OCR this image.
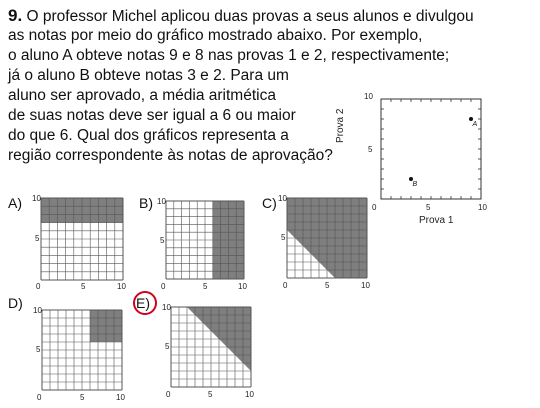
9. O professor Michel aplicou duas provas a seus alunos e divulgou
as notas por meio do gráfico mostrado abaixo. Por exemplo,
o aluno A obteve notas 9 e 8 nas provas 1 e 2, respectivamente;
já o aluno B obteve notas 3 e 2. Para um
aluno ser aprovado, a média aritmética
de suas notas deve ser igual a 6 ou maior
do que 6. Qual dos gráficos representa a
região correspondente às notas de aprovação?
A
B
10
5
0	5	10
Prova 1
Prova 2
A) 10
5
0	5	10
B) 10
5
0	5	10
C) 10
5
0	5	10
D) 10
5
0	5	10
E) 10
5
0	5	10
